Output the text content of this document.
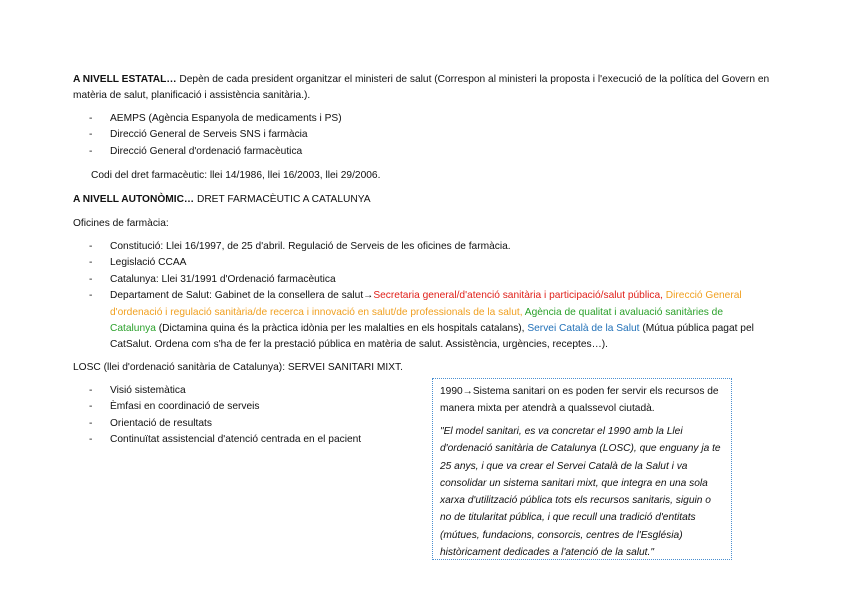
A NIVELL ESTATAL… Depèn de cada president organitzar el ministeri de salut (Correspon al ministeri la proposta i l'execució de la política del Govern en matèria de salut, planificació i assistència sanitària.).
- AEMPS (Agència Espanyola de medicaments i PS)
- Direcció General de Serveis SNS i farmàcia
- Direcció General d'ordenació farmacèutica
Codi del dret farmacèutic: llei 14/1986, llei 16/2003, llei 29/2006.
A NIVELL AUTONÒMIC… DRET FARMACÈUTIC A CATALUNYA
Oficines de farmàcia:
- Constitució: Llei 16/1997, de 25 d'abril. Regulació de Serveis de les oficines de farmàcia.
- Legislació CCAA
- Catalunya: Llei 31/1991 d'Ordenació farmacèutica
- Departament de Salut: Gabinet de la consellera de salut→Secretaria general/d'atenció sanitària i participació/salut pública, Direcció General d'ordenació i regulació sanitària/de recerca i innovació en salut/de professionals de la salut, Agència de qualitat i avaluació sanitàries de Catalunya (Dictamina quina és la pràctica idònia per les malalties en els hospitals catalans), Servei Català de la Salut (Mútua pública pagat pel CatSalut. Ordena com s'ha de fer la prestació pública en matèria de salut. Assistència, urgències, receptes…).
LOSC (llei d'ordenació sanitària de Catalunya): SERVEI SANITARI MIXT.
- Visió sistemàtica
- Èmfasi en coordinació de serveis
- Orientació de resultats
- Continuïtat assistencial d'atenció centrada en el pacient

1990→Sistema sanitari on es poden fer servir els recursos de manera mixta per atendrà a qualssevol ciutadà.

"El model sanitari, es va concretar el 1990 amb la Llei d'ordenació sanitària de Catalunya (LOSC), que enguany ja te 25 anys, i que va crear el Servei Català de la Salut i va consolidar un sistema sanitari mixt, que integra en una sola xarxa d'utilització pública tots els recursos sanitaris, siguin o no de titularitat pública, i que recull una tradició d'entitats (mútues, fundacions, consorcis, centres de l'Església) històricament dedicades a l'atenció de la salut."
